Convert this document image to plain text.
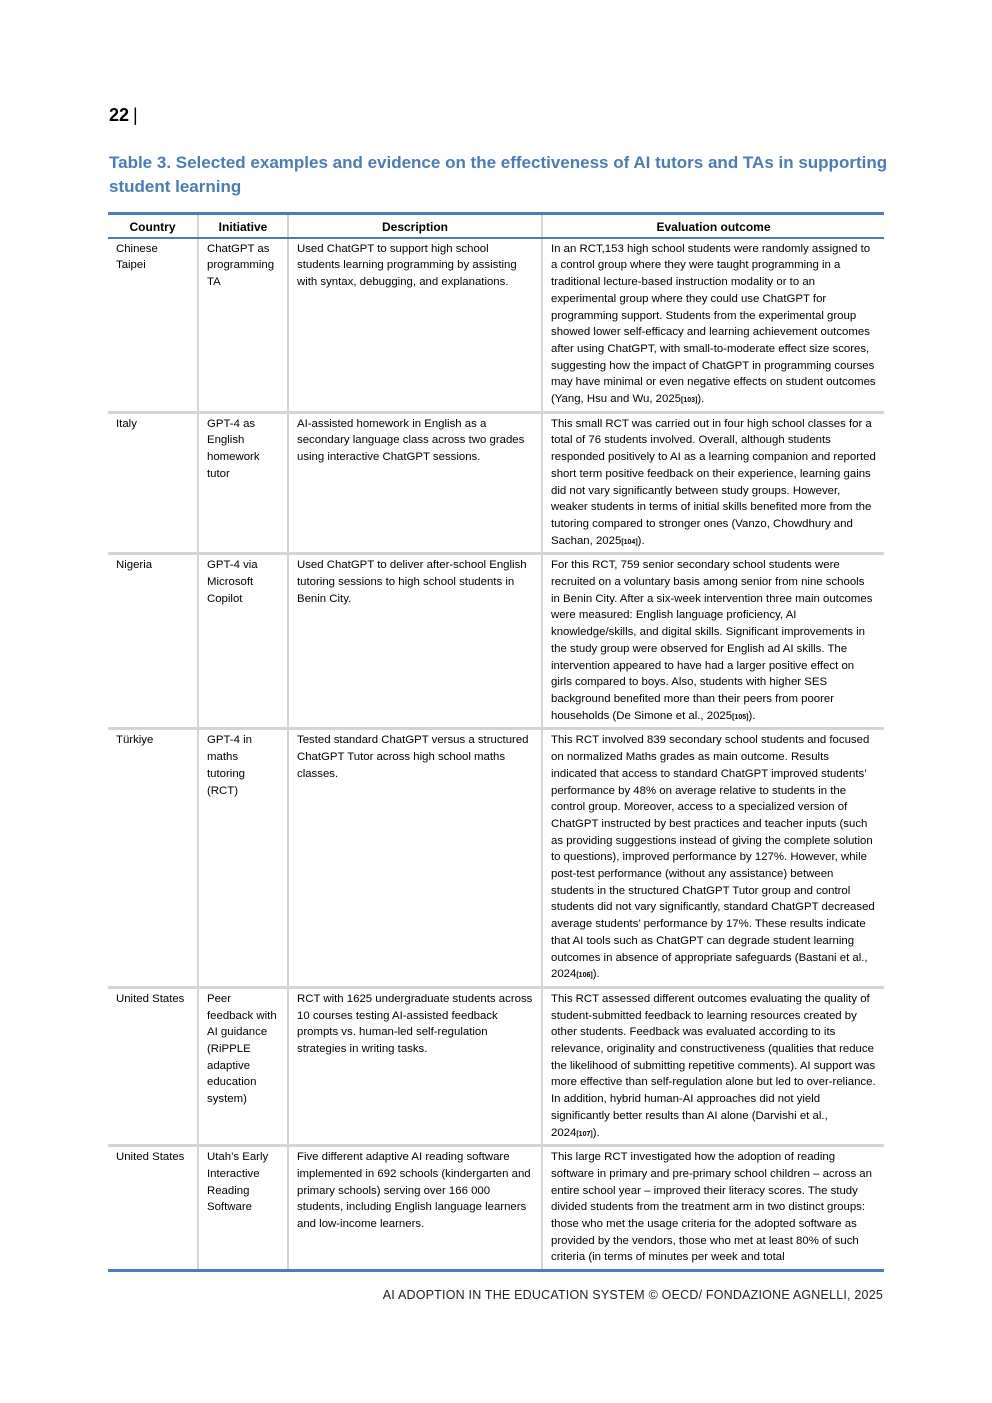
22 |
Table 3. Selected examples and evidence on the effectiveness of AI tutors and TAs in supporting student learning
Country	Initiative	Description	Evaluation outcome
Chinese Taipei	ChatGPT as programming TA	Used ChatGPT to support high school students learning programming by assisting with syntax, debugging, and explanations.	In an RCT,153 high school students were randomly assigned to a control group where they were taught programming in a traditional lecture-based instruction modality or to an experimental group where they could use ChatGPT for programming support. Students from the experimental group showed lower self-efficacy and learning achievement outcomes after using ChatGPT, with small-to-moderate effect size scores, suggesting how the impact of ChatGPT in programming courses may have minimal or even negative effects on student outcomes (Yang, Hsu and Wu, 2025[103]).
Italy	GPT-4 as English homework tutor	AI-assisted homework in English as a secondary language class across two grades using interactive ChatGPT sessions.	This small RCT was carried out in four high school classes for a total of 76 students involved. Overall, although students responded positively to AI as a learning companion and reported short term positive feedback on their experience, learning gains did not vary significantly between study groups. However, weaker students in terms of initial skills benefited more from the tutoring compared to stronger ones (Vanzo, Chowdhury and Sachan, 2025[104]).
Nigeria	GPT-4 via Microsoft Copilot	Used ChatGPT to deliver after-school English tutoring sessions to high school students in Benin City.	For this RCT, 759 senior secondary school students were recruited on a voluntary basis among senior from nine schools in Benin City. After a six-week intervention three main outcomes were measured: English language proficiency, AI knowledge/skills, and digital skills. Significant improvements in the study group were observed for English ad AI skills. The intervention appeared to have had a larger positive effect on girls compared to boys. Also, students with higher SES background benefited more than their peers from poorer households (De Simone et al., 2025[105]).
Türkiye	GPT-4 in maths tutoring (RCT)	Tested standard ChatGPT versus a structured ChatGPT Tutor across high school maths classes.	This RCT involved 839 secondary school students and focused on normalized Maths grades as main outcome. Results indicated that access to standard ChatGPT improved students’ performance by 48% on average relative to students in the control group. Moreover, access to a specialized version of ChatGPT instructed by best practices and teacher inputs (such as providing suggestions instead of giving the complete solution to questions), improved performance by 127%. However, while post-test performance (without any assistance) between students in the structured ChatGPT Tutor group and control students did not vary significantly, standard ChatGPT decreased average students’ performance by 17%. These results indicate that AI tools such as ChatGPT can degrade student learning outcomes in absence of appropriate safeguards (Bastani et al., 2024[106]).
United States	Peer feedback with AI guidance (RiPPLE adaptive education system)	RCT with 1625 undergraduate students across 10 courses testing AI-assisted feedback prompts vs. human-led self-regulation strategies in writing tasks.	This RCT assessed different outcomes evaluating the quality of student-submitted feedback to learning resources created by other students. Feedback was evaluated according to its relevance, originality and constructiveness (qualities that reduce the likelihood of submitting repetitive comments). AI support was more effective than self-regulation alone but led to over-reliance. In addition, hybrid human-AI approaches did not yield significantly better results than AI alone (Darvishi et al., 2024[107]).
United States	Utah’s Early Interactive Reading Software	Five different adaptive AI reading software implemented in 692 schools (kindergarten and primary schools) serving over 166 000 students, including English language learners and low-income learners.	This large RCT investigated how the adoption of reading software in primary and pre-primary school children – across an entire school year – improved their literacy scores. The study divided students from the treatment arm in two distinct groups: those who met the usage criteria for the adopted software as provided by the vendors, those who met at least 80% of such criteria (in terms of minutes per week and total
AI ADOPTION IN THE EDUCATION SYSTEM © OECD/ FONDAZIONE AGNELLI, 2025
